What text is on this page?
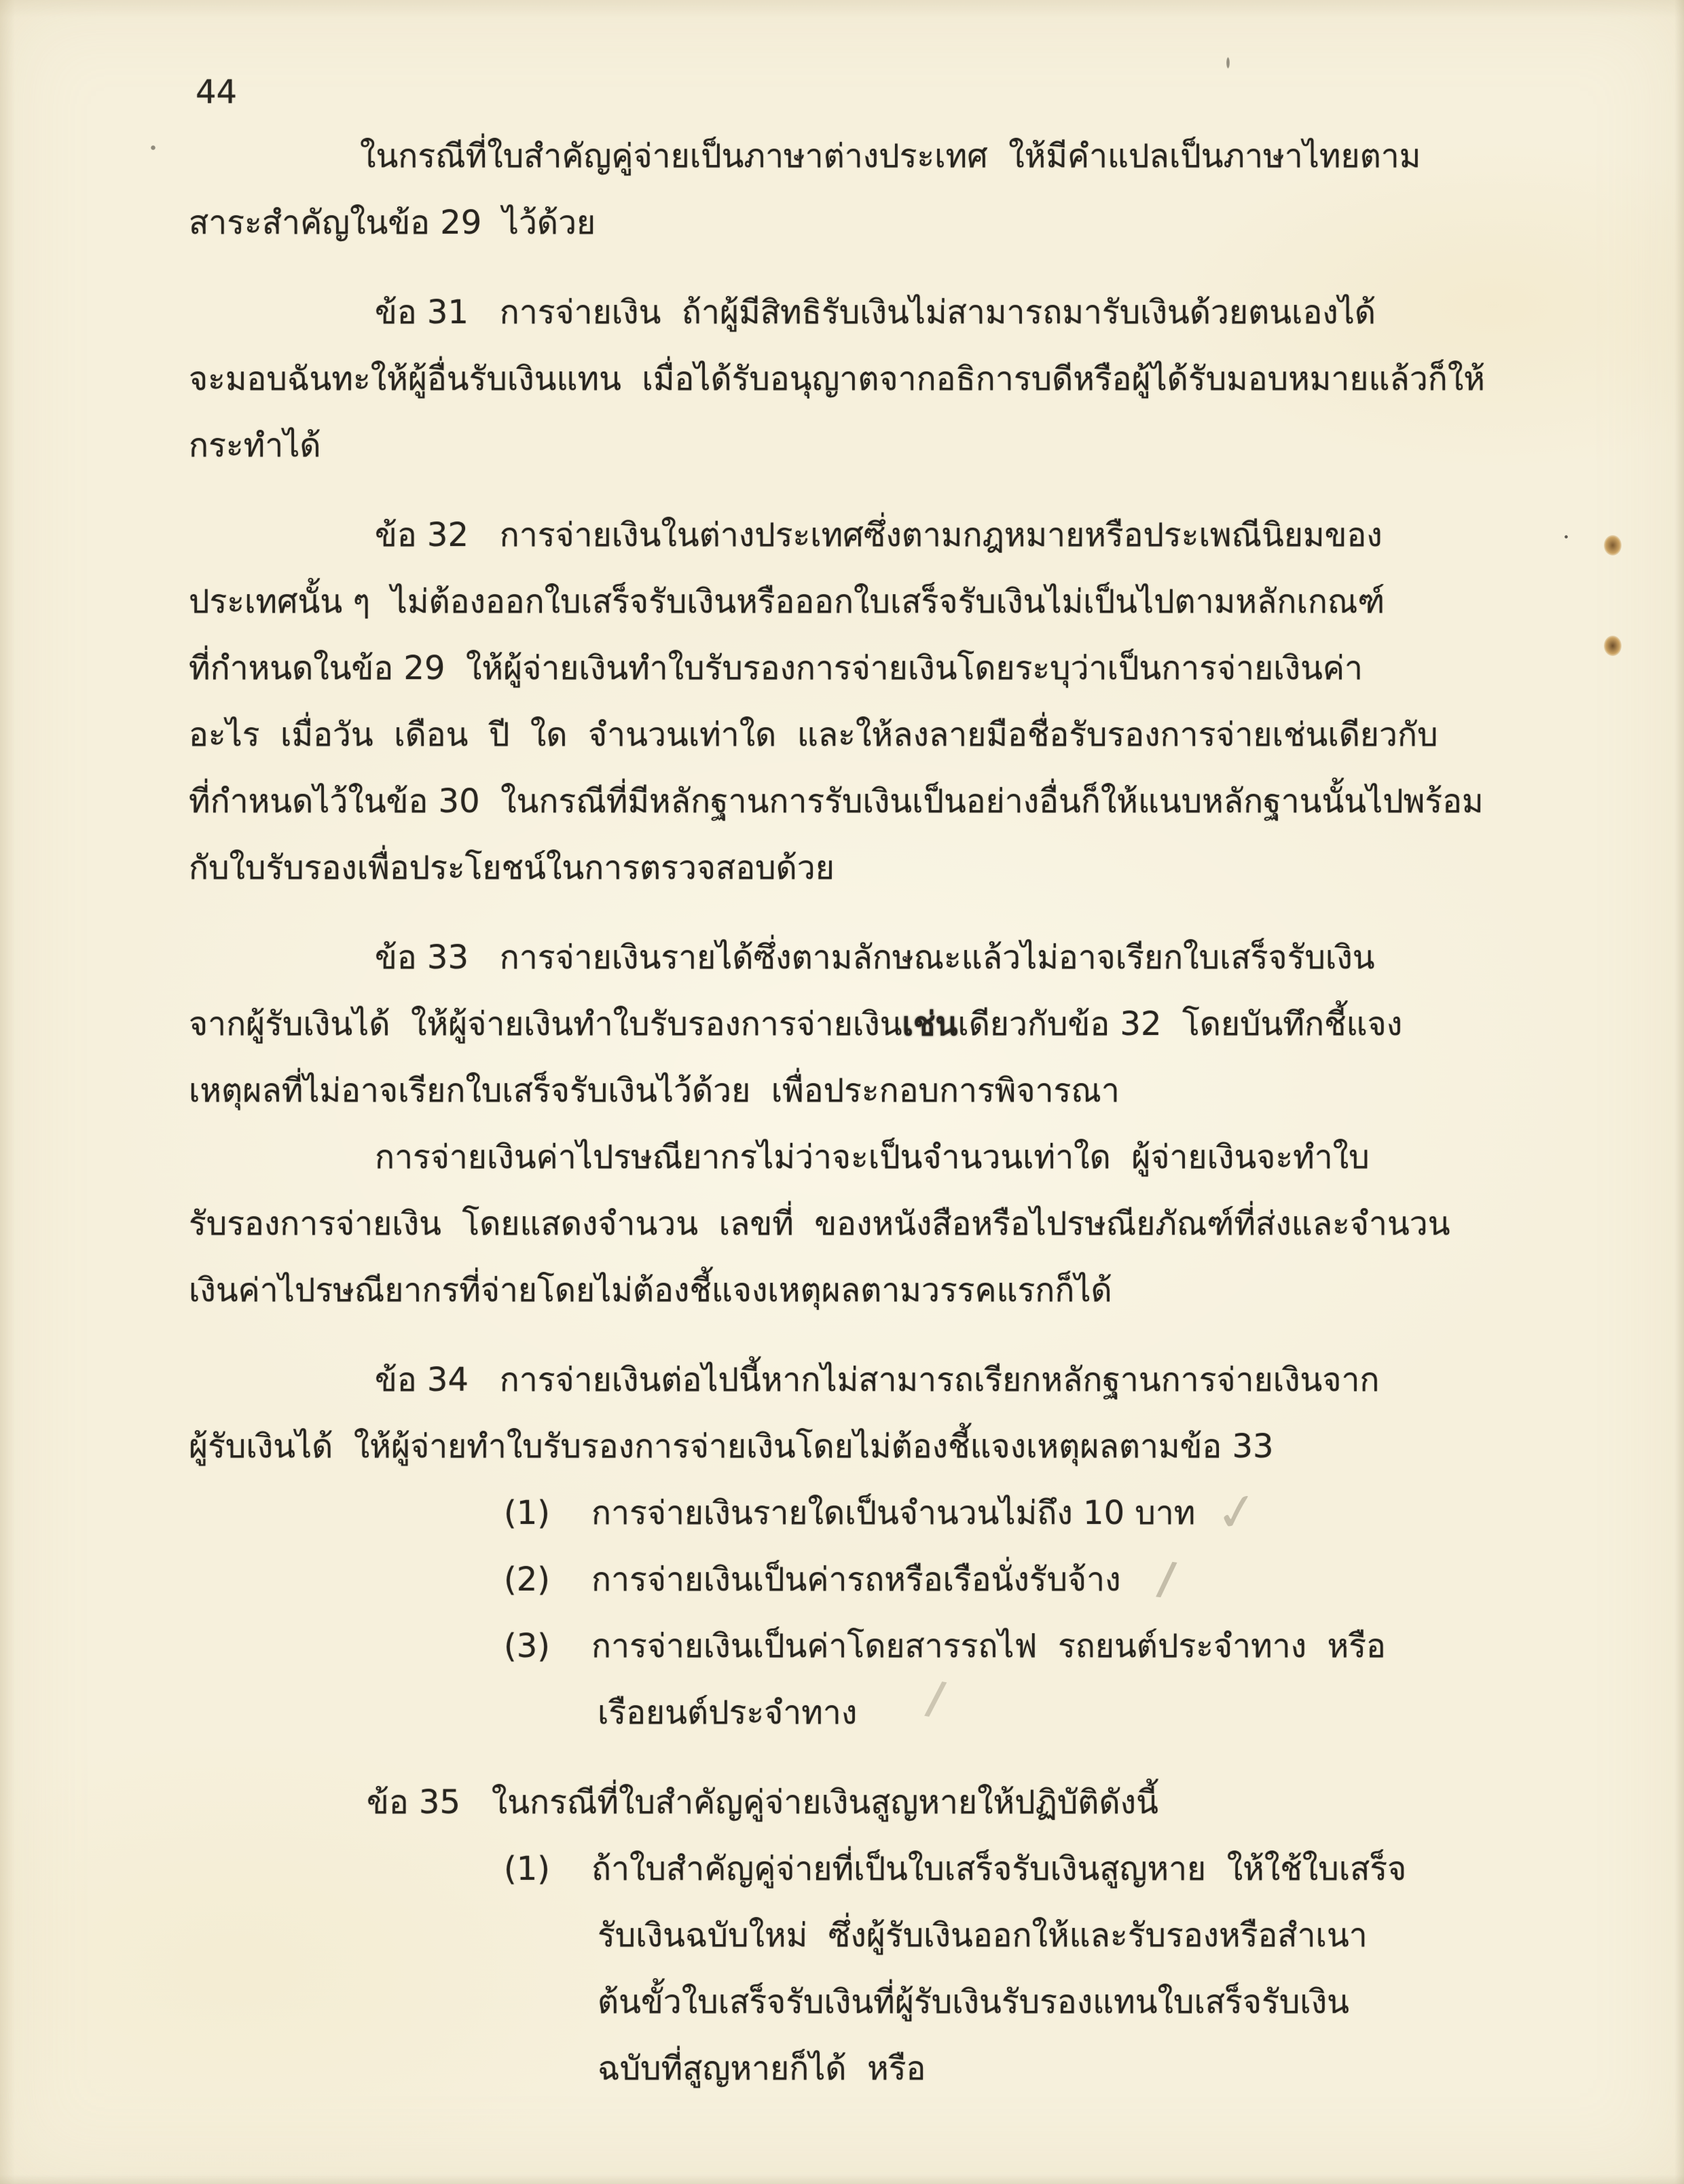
44
ในกรณีที่ใบสำคัญคู่จ่ายเป็นภาษาต่างประเทศ  ให้มีคำแปลเป็นภาษาไทยตาม
สาระสำคัญในข้อ 29  ไว้ด้วย
ข้อ 31   การจ่ายเงิน  ถ้าผู้มีสิทธิรับเงินไม่สามารถมารับเงินด้วยตนเองได้
จะมอบฉันทะให้ผู้อื่นรับเงินแทน  เมื่อได้รับอนุญาตจากอธิการบดีหรือผู้ได้รับมอบหมายแล้วก็ให้
กระทำได้
ข้อ 32   การจ่ายเงินในต่างประเทศซึ่งตามกฎหมายหรือประเพณีนิยมของ
ประเทศนั้น ๆ  ไม่ต้องออกใบเสร็จรับเงินหรือออกใบเสร็จรับเงินไม่เป็นไปตามหลักเกณฑ์
ที่กำหนดในข้อ 29  ให้ผู้จ่ายเงินทำใบรับรองการจ่ายเงินโดยระบุว่าเป็นการจ่ายเงินค่า
อะไร  เมื่อวัน  เดือน  ปี  ใด  จำนวนเท่าใด  และให้ลงลายมือชื่อรับรองการจ่ายเช่นเดียวกับ
ที่กำหนดไว้ในข้อ 30  ในกรณีที่มีหลักฐานการรับเงินเป็นอย่างอื่นก็ให้แนบหลักฐานนั้นไปพร้อม
กับใบรับรองเพื่อประโยชน์ในการตรวจสอบด้วย
ข้อ 33   การจ่ายเงินรายได้ซึ่งตามลักษณะแล้วไม่อาจเรียกใบเสร็จรับเงิน
จากผู้รับเงินได้  ให้ผู้จ่ายเงินทำใบรับรองการจ่ายเงินเช่นเดียวกับข้อ 32  โดยบันทึกชี้แจง
เหตุผลที่ไม่อาจเรียกใบเสร็จรับเงินไว้ด้วย  เพื่อประกอบการพิจารณา
การจ่ายเงินค่าไปรษณียากรไม่ว่าจะเป็นจำนวนเท่าใด  ผู้จ่ายเงินจะทำใบ
รับรองการจ่ายเงิน  โดยแสดงจำนวน  เลขที่  ของหนังสือหรือไปรษณียภัณฑ์ที่ส่งและจำนวน
เงินค่าไปรษณียากรที่จ่ายโดยไม่ต้องชี้แจงเหตุผลตามวรรคแรกก็ได้
ข้อ 34   การจ่ายเงินต่อไปนี้หากไม่สามารถเรียกหลักฐานการจ่ายเงินจาก
ผู้รับเงินได้  ให้ผู้จ่ายทำใบรับรองการจ่ายเงินโดยไม่ต้องชี้แจงเหตุผลตามข้อ 33
(1)    การจ่ายเงินรายใดเป็นจำนวนไม่ถึง 10 บาท
(2)    การจ่ายเงินเป็นค่ารถหรือเรือนั่งรับจ้าง
(3)    การจ่ายเงินเป็นค่าโดยสารรถไฟ  รถยนต์ประจำทาง  หรือ
เรือยนต์ประจำทาง
ข้อ 35   ในกรณีที่ใบสำคัญคู่จ่ายเงินสูญหายให้ปฏิบัติดังนี้
(1)    ถ้าใบสำคัญคู่จ่ายที่เป็นใบเสร็จรับเงินสูญหาย  ให้ใช้ใบเสร็จ
รับเงินฉบับใหม่  ซึ่งผู้รับเงินออกให้และรับรองหรือสำเนา
ต้นขั้วใบเสร็จรับเงินที่ผู้รับเงินรับรองแทนใบเสร็จรับเงิน
ฉบับที่สูญหายก็ได้  หรือ
✓
/
/
